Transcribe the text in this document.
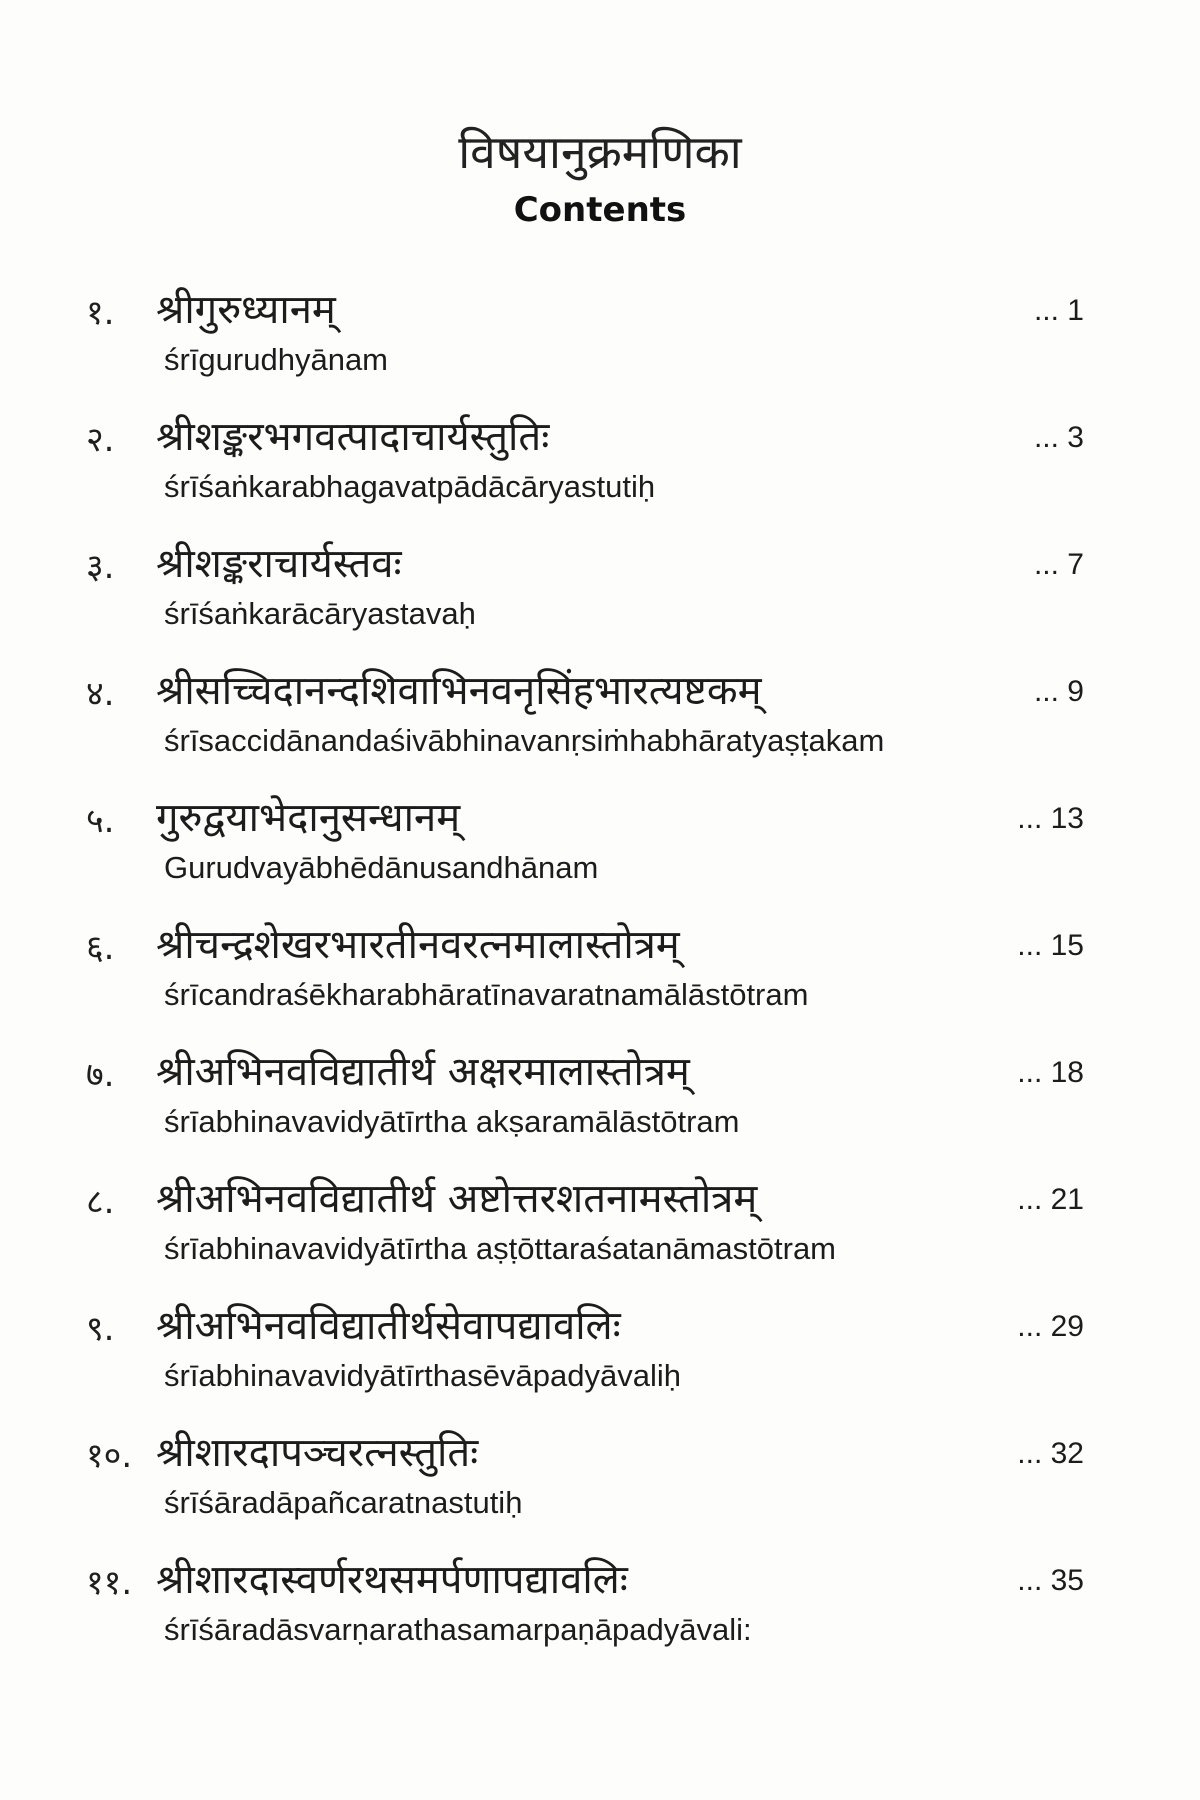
विषयानुक्रमणिका
Contents
१. श्रीगुरुध्यानम्
śrīgurudhyānam
... 1
२. श्रीशङ्करभगवत्पादाचार्यस्तुतिः
śrīśaṅkarabhagavatpādācāryastutiḥ
... 3
३. श्रीशङ्कराचार्यस्तवः
śrīśaṅkarācāryastavaḥ
... 7
४. श्रीसच्चिदानन्दशिवाभिनवनृसिंहभारत्यष्टकम्
śrīsaccidānandaśivābhinavanṛsiṁhabhāratyaṣṭakam
... 9
५. गुरुद्वयाभेदानुसन्धानम्
Gurudvayābhēdānusandhānam
... 13
६. श्रीचन्द्रशेखरभारतीनवरत्नमालास्तोत्रम्
śrīcandraśēkharabhāratīnavaratnamālāstōtram
... 15
७. श्रीअभिनवविद्यातीर्थ अक्षरमालास्तोत्रम्
śrīabhinavavidyātīrtha akṣaramālāstōtram
... 18
८. श्रीअभिनवविद्यातीर्थ अष्टोत्तरशतनामस्तोत्रम्
śrīabhinavavidyātīrtha aṣṭōttaraśatanāmastōtram
... 21
९. श्रीअभिनवविद्यातीर्थसेवापद्यावलिः
śrīabhinavavidyātīrthasēvāpadyāvaliḥ
... 29
१०. श्रीशारदापञ्चरत्नस्तुतिः
śrīśāradāpañcaratnastutiḥ
... 32
११. श्रीशारदास्वर्णरथसमर्पणापद्यावलिः
śrīśāradāsvarṇarathasamarpaṇāpadyāvali:
... 35
